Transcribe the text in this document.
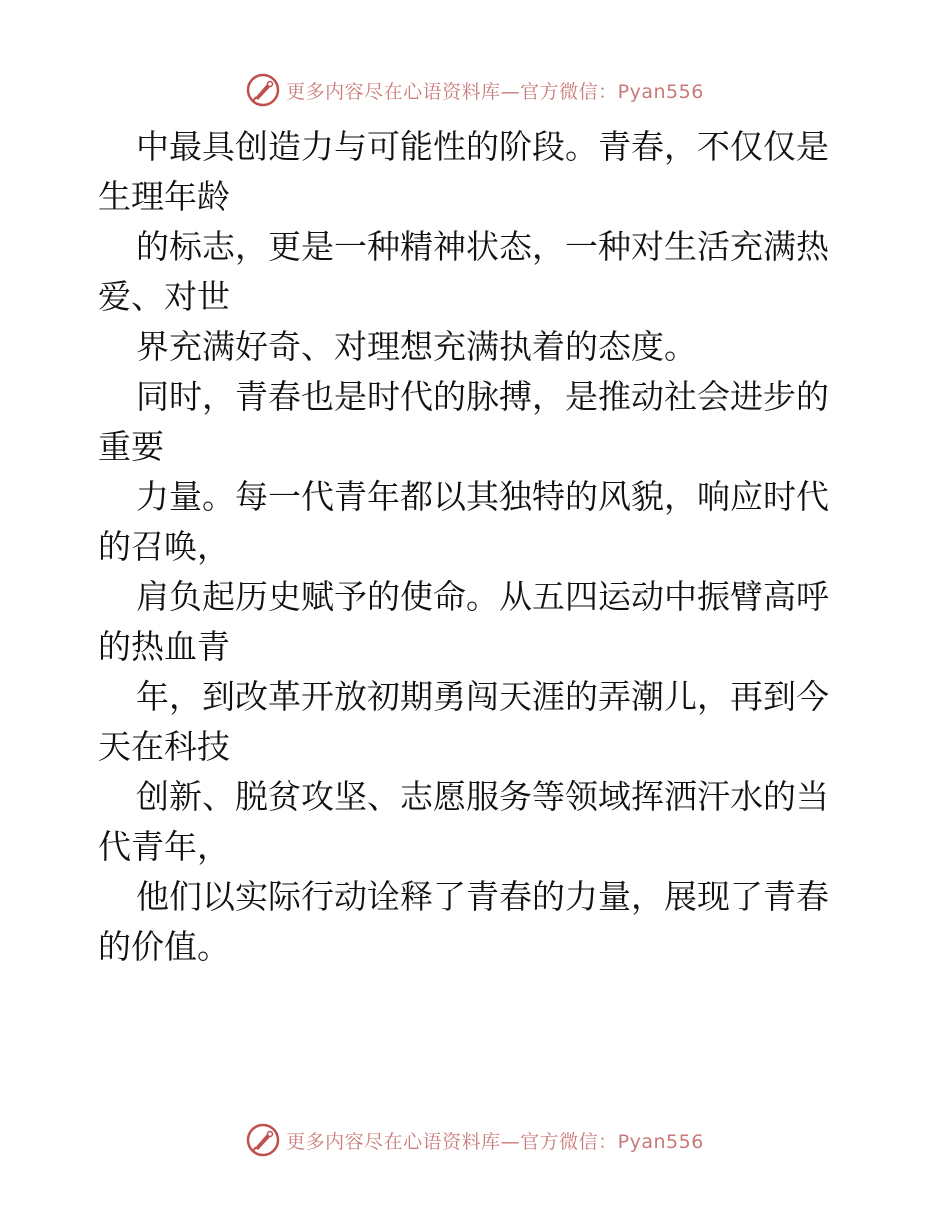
更多内容尽在心语资料库—官方微信：Pyan556

中最具创造力与可能性的阶段。青春，不仅仅是
生理年龄

的标志，更是一种精神状态，一种对生活充满热
爱、对世

界充满好奇、对理想充满执着的态度。

同时，青春也是时代的脉搏，是推动社会进步的
重要

力量。每一代青年都以其独特的风貌，响应时代
的召唤，

肩负起历史赋予的使命。从五四运动中振臂高呼
的热血青

年，到改革开放初期勇闯天涯的弄潮儿，再到今
天在科技

创新、脱贫攻坚、志愿服务等领域挥洒汗水的当
代青年，

他们以实际行动诠释了青春的力量，展现了青春
的价值。

更多内容尽在心语资料库—官方微信：Pyan556
